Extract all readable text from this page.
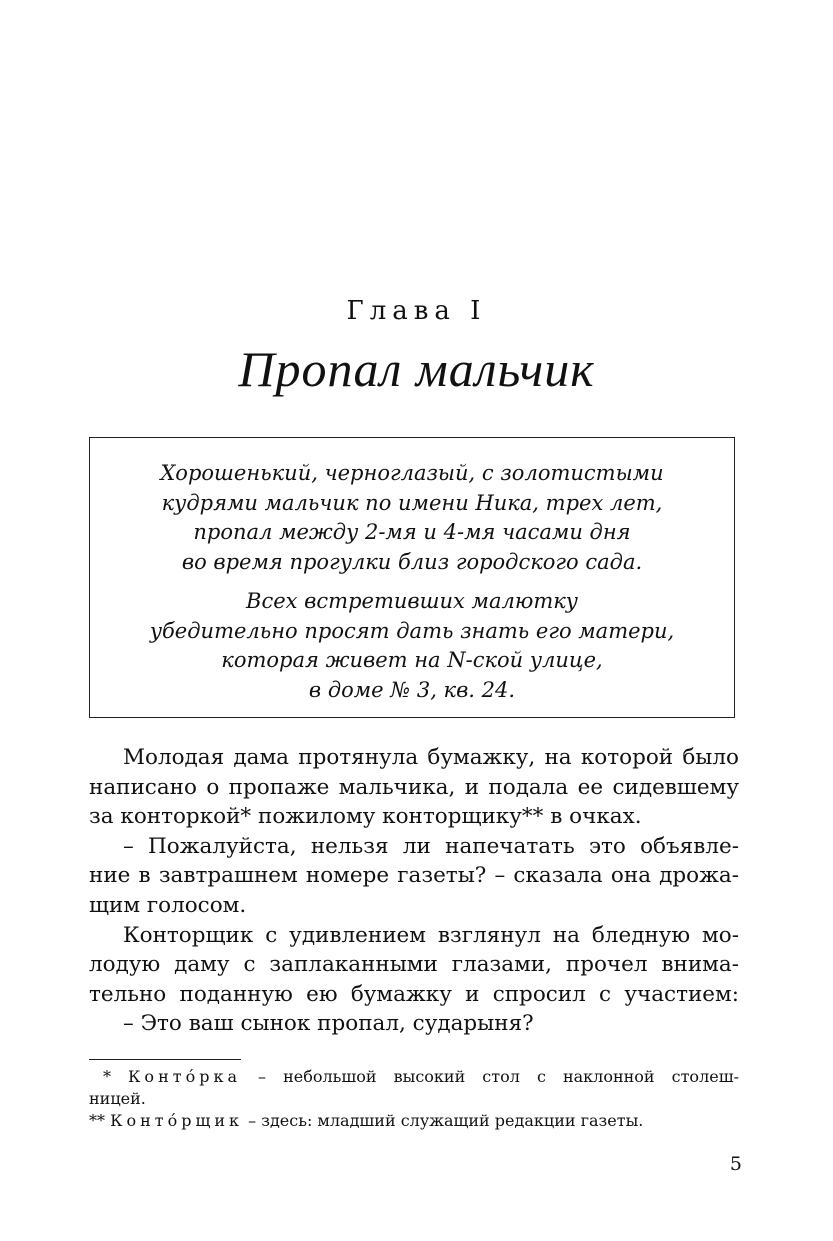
Глава I
Пропал мальчик
Хорошенький, черноглазый, с золотистыми
кудрями мальчик по имени Ника, трех лет,
пропал между 2-мя и 4-мя часами дня
во время прогулки близ городского сада.
Всех встретивших малютку
убедительно просят дать знать его матери,
которая живет на N-ской улице,
в доме № 3, кв. 24.
Молодая дама протянула бумажку, на которой было
написано о пропаже мальчика, и подала ее сидевшему
за конторкой* пожилому конторщику** в очках.
– Пожалуйста, нельзя ли напечатать это объявле-
ние в завтрашнем номере газеты? – сказала она дрожа-
щим голосом.
Конторщик с удивлением взглянул на бледную мо-
лодую даму с заплаканными глазами, прочел внима-
тельно поданную ею бумажку и спросил с участием:
– Это ваш сынок пропал, сударыня?
* Конто́рка – небольшой высокий стол с наклонной столеш-
ницей.
** Конто́рщик – здесь: младший служащий редакции газеты.
5
